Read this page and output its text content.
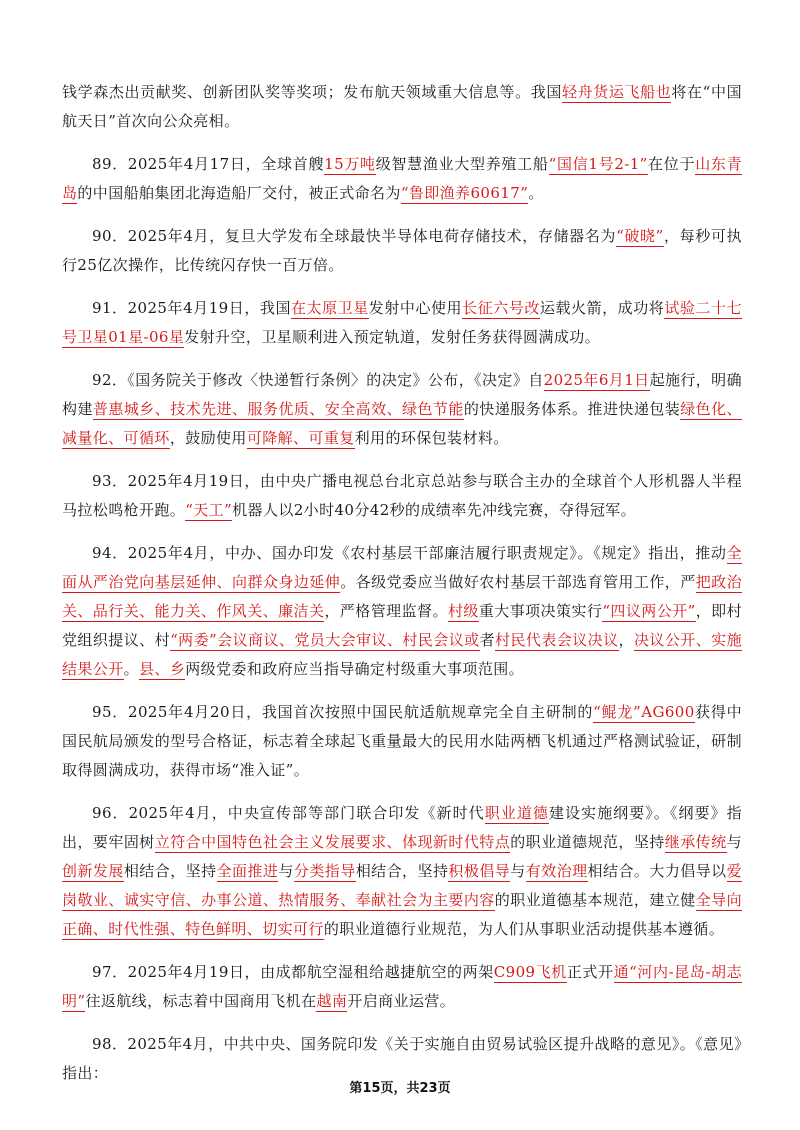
钱学森杰出贡献奖、创新团队奖等奖项；发布航天领域重大信息等。我国轻舟货运飞船也将在“中国航天日”首次向公众亮相。

89．2025年4月17日，全球首艘15万吨级智慧渔业大型养殖工船“国信1号2-1”在位于山东青岛的中国船舶集团北海造船厂交付，被正式命名为“鲁即渔养60617”。

90．2025年4月，复旦大学发布全球最快半导体电荷存储技术，存储器名为“破晓”，每秒可执行25亿次操作，比传统闪存快一百万倍。

91．2025年4月19日，我国在太原卫星发射中心使用长征六号改运载火箭，成功将试验二十七号卫星01星-06星发射升空，卫星顺利进入预定轨道，发射任务获得圆满成功。

92．《国务院关于修改〈快递暂行条例〉的决定》公布，《决定》自2025年6月1日起施行，明确构建普惠城乡、技术先进、服务优质、安全高效、绿色节能的快递服务体系。推进快递包装绿色化、减量化、可循环，鼓励使用可降解、可重复利用的环保包装材料。

93．2025年4月19日，由中央广播电视总台北京总站参与联合主办的全球首个人形机器人半程马拉松鸣枪开跑。“天工”机器人以2小时40分42秒的成绩率先冲线完赛，夺得冠军。

94．2025年4月，中办、国办印发《农村基层干部廉洁履行职责规定》。《规定》指出，推动全面从严治党向基层延伸、向群众身边延伸。各级党委应当做好农村基层干部选育管用工作，严把政治关、品行关、能力关、作风关、廉洁关，严格管理监督。村级重大事项决策实行“四议两公开”，即村党组织提议、村“两委”会议商议、党员大会审议、村民会议或者村民代表会议决议，决议公开、实施结果公开。县、乡两级党委和政府应当指导确定村级重大事项范围。

95．2025年4月20日，我国首次按照中国民航适航规章完全自主研制的“鲲龙”AG600获得中国民航局颁发的型号合格证，标志着全球起飞重量最大的民用水陆两栖飞机通过严格测试验证，研制取得圆满成功，获得市场“准入证”。

96．2025年4月，中央宣传部等部门联合印发《新时代职业道德建设实施纲要》。《纲要》指出，要牢固树立符合中国特色社会主义发展要求、体现新时代特点的职业道德规范，坚持继承传统与创新发展相结合，坚持全面推进与分类指导相结合，坚持积极倡导与有效治理相结合。大力倡导以爱岗敬业、诚实守信、办事公道、热情服务、奉献社会为主要内容的职业道德基本规范，建立健全导向正确、时代性强、特色鲜明、切实可行的职业道德行业规范，为人们从事职业活动提供基本遵循。

97．2025年4月19日，由成都航空湿租给越捷航空的两架C909飞机正式开通“河内-昆岛-胡志明”往返航线，标志着中国商用飞机在越南开启商业运营。

98．2025年4月，中共中央、国务院印发《关于实施自由贸易试验区提升战略的意见》。《意见》指出：

第15页，共23页
